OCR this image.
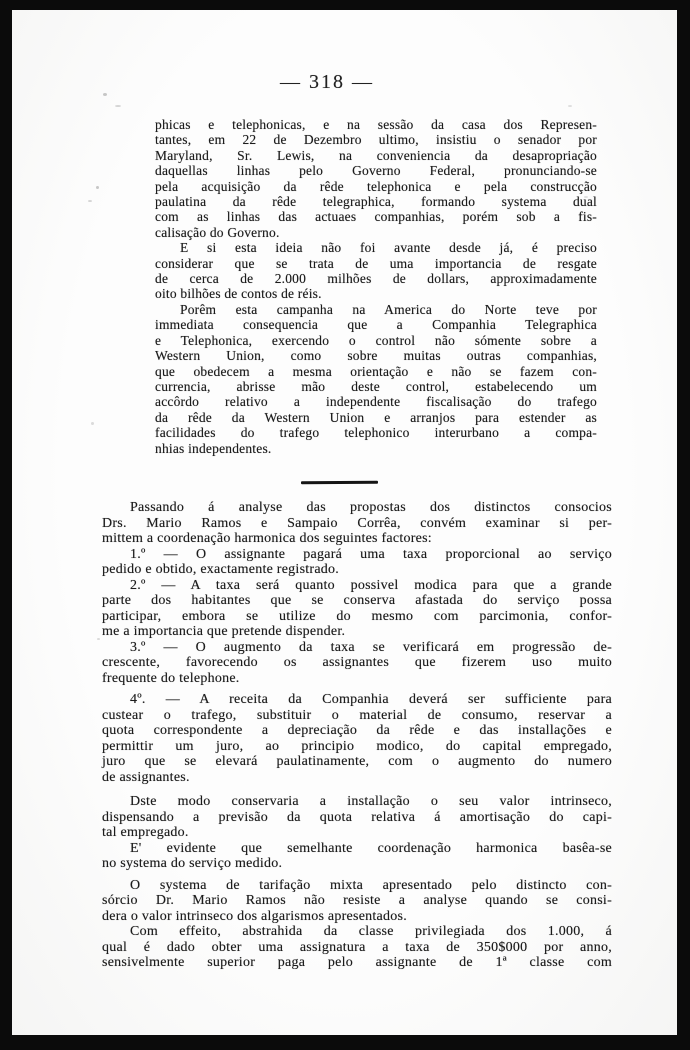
— 318 —

phicas e telephonicas, e na sessão da casa dos Represen-
tantes, em 22 de Dezembro ultimo, insistiu o senador por
Maryland, Sr. Lewis, na conveniencia da desapropriação
daquellas linhas pelo Governo Federal, pronunciando-se
pela acquisição da rêde telephonica e pela construcção
paulatina da rêde telegraphica, formando systema dual
com as linhas das actuaes companhias, porém sob a fis-
calisação do Governo.

E si esta ideia não foi avante desde já, é preciso
considerar que se trata de uma importancia de resgate
de cerca de 2.000 milhões de dollars, approximadamente
oito bilhões de contos de réis.

Porêm esta campanha na America do Norte teve por
immediata consequencia que a Companhia Telegraphica
e Telephonica, exercendo o control não sómente sobre a
Western Union, como sobre muitas outras companhias,
que obedecem a mesma orientação e não se fazem con-
currencia, abrisse mão deste control, estabelecendo um
accôrdo relativo a independente fiscalisação do trafego
da rêde da Western Union e arranjos para estender as
facilidades do trafego telephonico interurbano a compa-
nhias independentes.

Passando á analyse das propostas dos distinctos consocios
Drs. Mario Ramos e Sampaio Corrêa, convém examinar si per-
mittem a coordenação harmonica dos seguintes factores:

1.º — O assignante pagará uma taxa proporcional ao serviço
pedido e obtido, exactamente registrado.

2.º — A taxa será quanto possivel modica para que a grande
parte dos habitantes que se conserva afastada do serviço possa
participar, embora se utilize do mesmo com parcimonia, confor-
me a importancia que pretende dispender.

3.º — O augmento da taxa se verificará em progressão de-
crescente, favorecendo os assignantes que fizerem uso muito
frequente do telephone.

4º. — A receita da Companhia deverá ser sufficiente para
custear o trafego, substituir o material de consumo, reservar a
quota correspondente a depreciação da rêde e das installações e
permittir um juro, ao principio modico, do capital empregado,
juro que se elevará paulatinamente, com o augmento do numero
de assignantes.

Dste modo conservaria a installação o seu valor intrinseco,
dispensando a previsão da quota relativa á amortisação do capi-
tal empregado.

E' evidente que semelhante coordenação harmonica basêa-se
no systema do serviço medido.

O systema de tarifação mixta apresentado pelo distincto con-
sórcio Dr. Mario Ramos não resiste a analyse quando se consi-
dera o valor intrinseco dos algarismos apresentados.

Com effeito, abstrahida da classe privilegiada dos 1.000, á
qual é dado obter uma assignatura a taxa de 350$000 por anno,
sensivelmente superior paga pelo assignante de 1ª classe com
